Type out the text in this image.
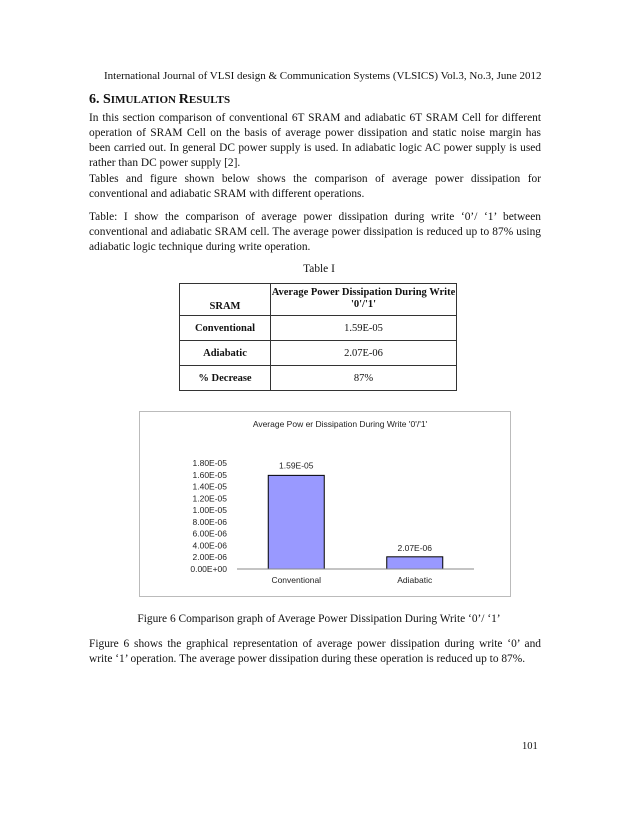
International Journal of VLSI design & Communication Systems (VLSICS) Vol.3, No.3, June 2012
6. SIMULATION RESULTS

In this section comparison of conventional 6T SRAM and adiabatic 6T SRAM Cell for different operation of SRAM Cell on the basis of average power dissipation and static noise margin has been carried out. In general DC power supply is used. In adiabatic logic AC power supply is used rather than DC power supply [2].

Tables and figure shown below shows the comparison of average power dissipation for conventional and adiabatic SRAM with different operations.

Table: I show the comparison of average power dissipation during write ‘0’/ ‘1’ between conventional and adiabatic SRAM cell. The average power dissipation is reduced up to 87% using adiabatic logic technique during write operation.

Table I
SRAM	Average Power Dissipation During Write '0'/'1'
Conventional	1.59E-05
Adiabatic	2.07E-06
% Decrease	87%
Average Pow er Dissipation During Write '0'/'1'
0.00E+00
2.00E-06
4.00E-06
6.00E-06
8.00E-06
1.00E-05
1.20E-05
1.40E-05
1.60E-05
1.80E-05	1.59E-05
Conventional
2.07E-06
Adiabatic
Figure 6 Comparison graph of Average Power Dissipation During Write ‘0’/ ‘1’

Figure 6 shows the graphical representation of average power dissipation during write ‘0’ and write ‘1’ operation. The average power dissipation during these operation is reduced up to 87%.

101
